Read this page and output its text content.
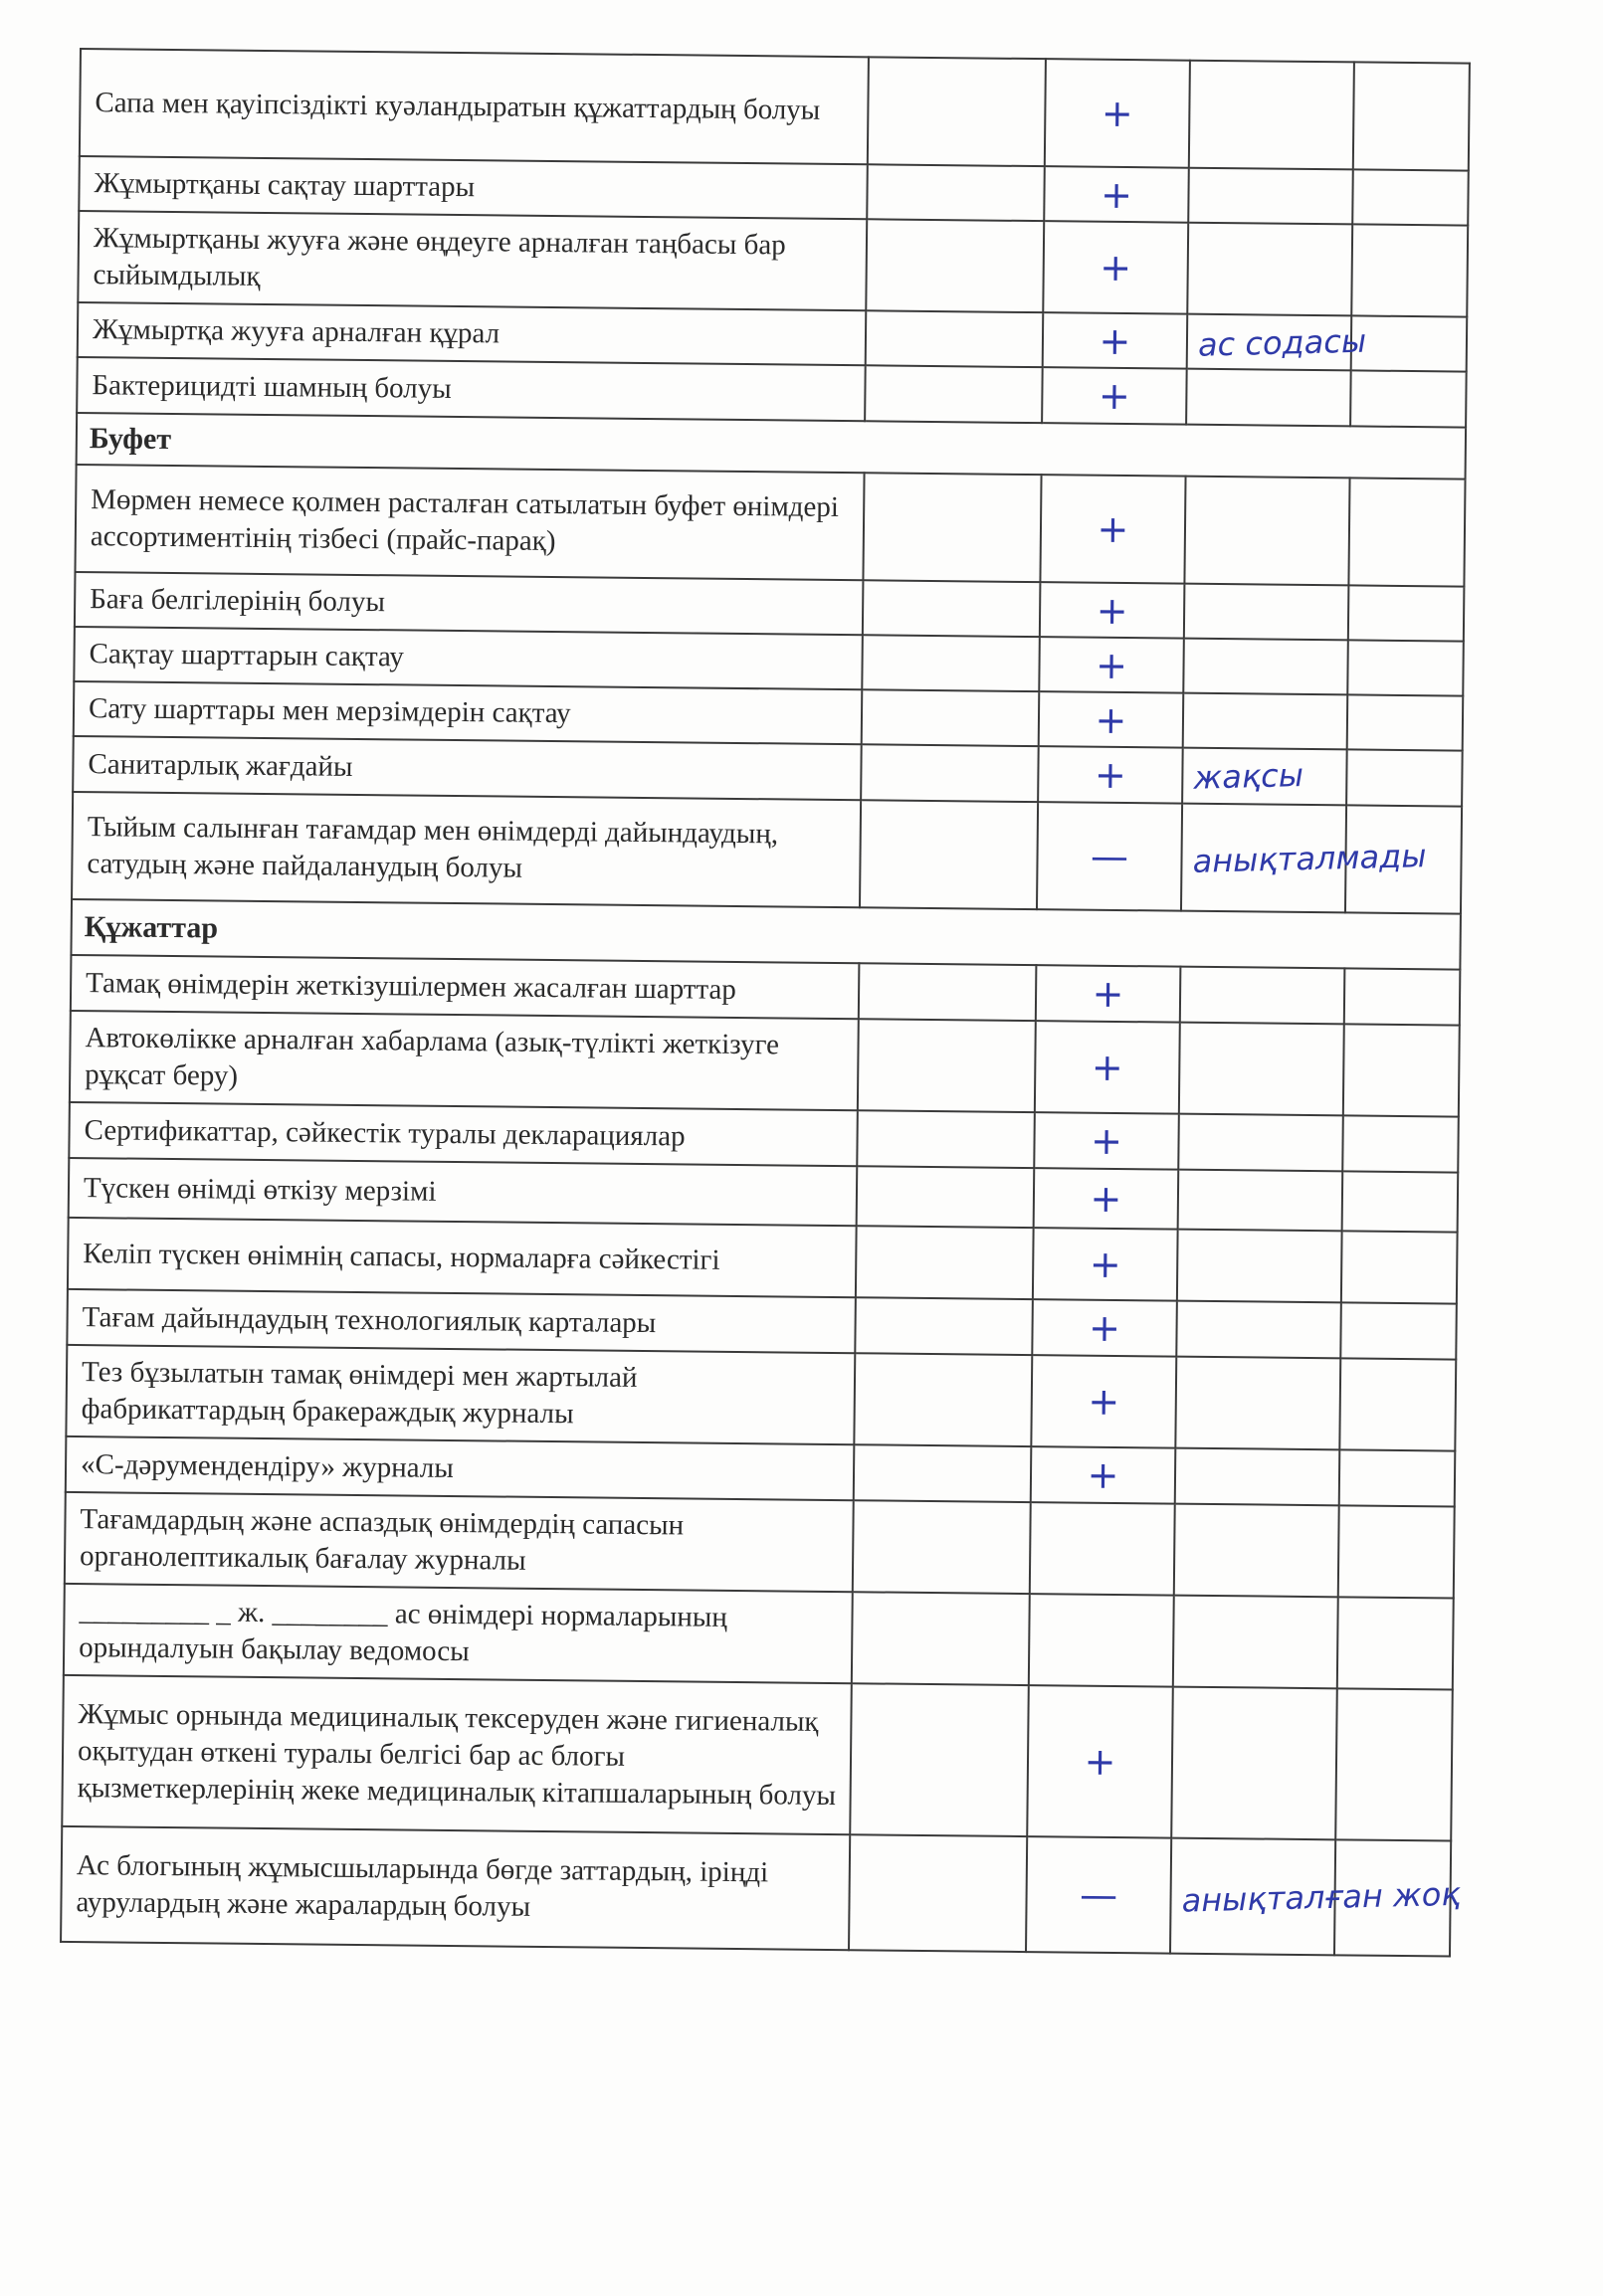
Сапа мен қауіпсіздікті куәландыратын құжаттардың болуы		+	

Жұмыртқаны сақтау шарттары		+	

Жұмыртқаны жууға және өңдеуге арналған таңбасы бар сыйымдылық		+	

Жұмыртқа жууға арналған құрал		+	ас содасы	

Бактерицидті шамның болуы		+	

Буфет				
Мөрмен немесе қолмен расталған сатылатын буфет өнімдері ассортиментінің тізбесі (прайс-парақ)		+	

Баға белгілерінің болуы		+	

Сақтау шарттарын сақтау		+	

Сату шарттары мен мерзімдерін сақтау		+	

Санитарлық жағдайы		+	жақсы	

Тыйым салынған тағамдар мен өнімдерді дайындаудың, сатудың және пайдаланудың болуы		—	анықталмады	

Құжаттар				
Тамақ өнімдерін жеткізушілермен жасалған шарттар		+	

Автокөлікке арналған хабарлама (азық-түлікті жеткізуге рұқсат беру)		+	

Сертификаттар, сәйкестік туралы декларациялар		+	

Түскен өнімді өткізу мерзімі		+	

Келіп түскен өнімнің сапасы, нормаларға сәйкестігі		+	

Тағам дайындаудың технологиялық карталары		+	

Тез бұзылатын тамақ өнімдері мен жартылай фабрикаттардың бракераждық журналы		+	

«С-дәрумендендіру» журналы		+	

Тағамдардың және аспаздық өнімдердің сапасын органолептикалық бағалау журналы			

_________ _ ж. ________ ас өнімдері нормаларының орындалуын бақылау ведомосы			

Жұмыс орнында медициналық тексеруден және гигиеналық оқытудан өткені туралы белгісі бар ас блогы қызметкерлерінің жеке медициналық кітапшаларының болуы		+	

Ас блогының жұмысшыларында бөгде заттардың, іріңді аурулардың және жаралардың болуы		—	анықталған жоқ	
